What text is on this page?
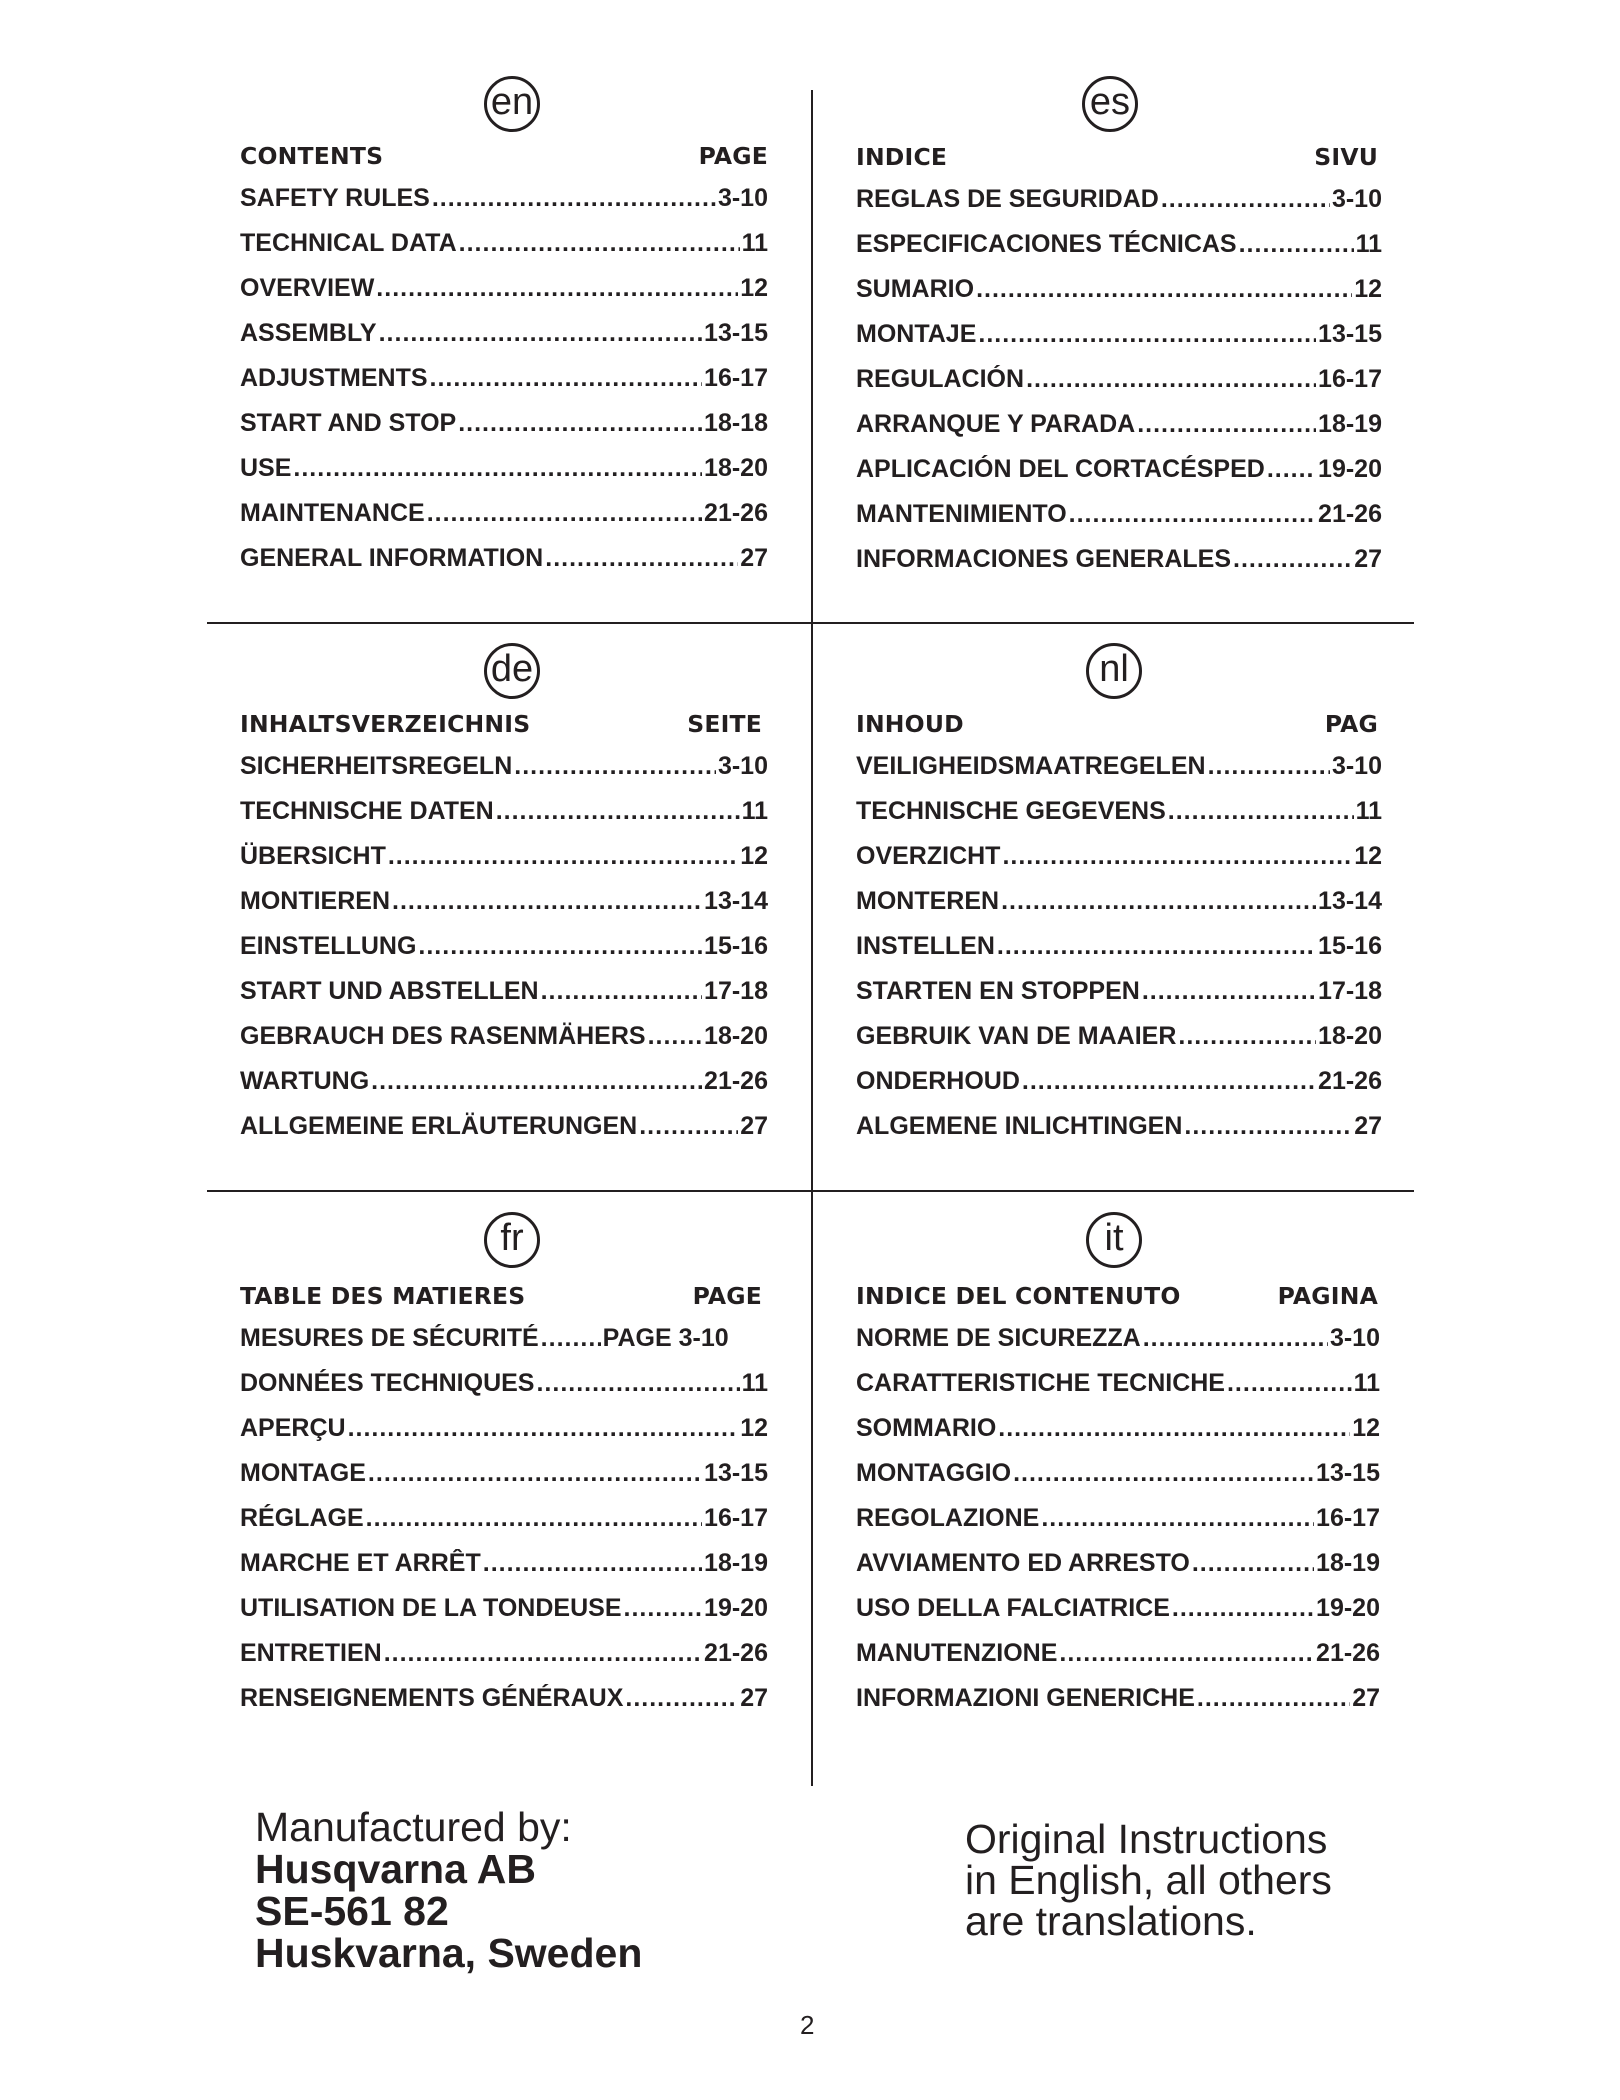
en
CONTENTS	PAGE
SAFETY RULES .....	3-10
TECHNICAL DATA .....	11
OVERVIEW .....	12
ASSEMBLY .....	13-15
ADJUSTMENTS .....	16-17
START AND STOP .....	18-18
USE .....	18-20
MAINTENANCE .....	21-26
GENERAL INFORMATION .....	27
es
INDICE	SIVU
REGLAS DE SEGURIDAD .....	3-10
ESPECIFICACIONES TÉCNICAS .....	11
SUMARIO .....	12
MONTAJE .....	13-15
REGULACIÓN .....	16-17
ARRANQUE Y PARADA .....	18-19
APLICACIÓN DEL CORTACÉSPED ..... 19-20
MANTENIMIENTO .....	21-26
INFORMACIONES GENERALES .....	27
de
INHALTSVERZEICHNIS	SEITE
SICHERHEITSREGELN .....	3-10
TECHNISCHE DATEN .....	11
ÜBERSICHT .....	12
MONTIEREN .....	13-14
EINSTELLUNG .....	15-16
START UND ABSTELLEN .....	17-18
GEBRAUCH DES RASENMÄHERS ..... 18-20
WARTUNG .....	21-26
ALLGEMEINE ERLÄUTERUNGEN .....	27
nl
INHOUD	PAG
VEILIGHEIDSMAATREGELEN .....	3-10
TECHNISCHE GEGEVENS .....	11
OVERZICHT .....	12
MONTEREN .....	13-14
INSTELLEN .....	15-16
STARTEN EN STOPPEN .....	17-18
GEBRUIK VAN DE MAAIER .....	18-20
ONDERHOUD .....	21-26
ALGEMENE INLICHTINGEN .....	27
fr
TABLE DES MATIERES	PAGE
MESURES DE SÉCURITÉ .....	PAGE 3-10
DONNÉES TECHNIQUES .....	11
APERÇU .....	12
MONTAGE .....	13-15
RÉGLAGE .....	16-17
MARCHE ET ARRÊT .....	18-19
UTILISATION DE LA TONDEUSE .....	19-20
ENTRETIEN .....	21-26
RENSEIGNEMENTS GÉNÉRAUX .....	27
it
INDICE DEL CONTENUTO	PAGINA
NORME DE SICUREZZA .....	3-10
CARATTERISTICHE TECNICHE .....	11
SOMMARIO .....	12
MONTAGGIO .....	13-15
REGOLAZIONE .....	16-17
AVVIAMENTO ED ARRESTO .....	18-19
USO DELLA FALCIATRICE .....	19-20
MANUTENZIONE .....	21-26
INFORMAZIONI GENERICHE .....	27
Manufactured by:
Husqvarna AB
SE-561 82
Huskvarna, Sweden
Original Instructions
in English, all others
are translations.
2
